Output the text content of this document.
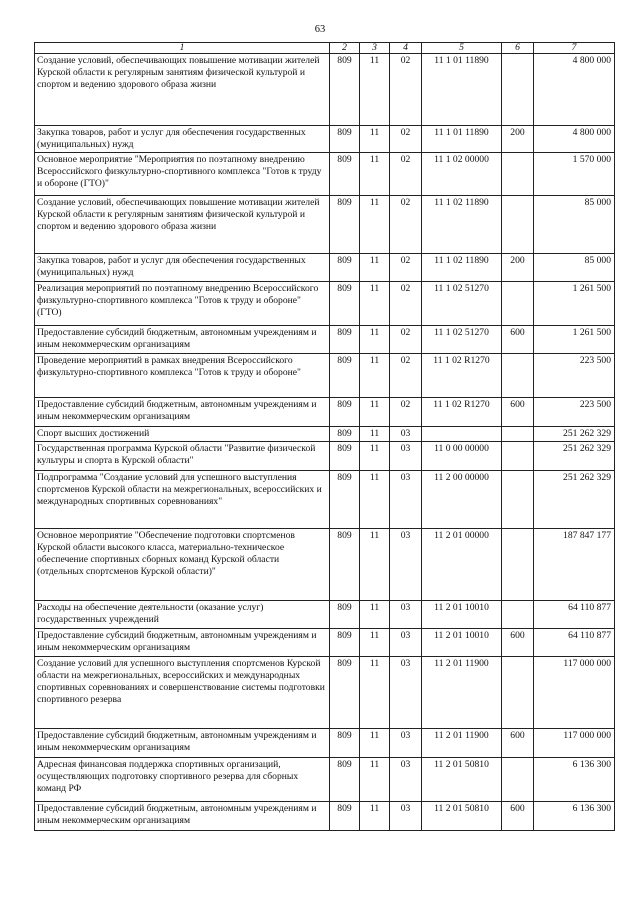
63
1	2	3	4	5	6	7
Создание условий, обеспечивающих повышение мотивации жителей Курской области к регулярным занятиям физической культурой и спортом и ведению здорового образа жизни	809	11	02	11 1 01 11890		4 800 000
Закупка товаров, работ и услуг для обеспечения государственных (муниципальных) нужд	809	11	02	11 1 01 11890	200	4 800 000
Основное мероприятие "Мероприятия по поэтапному внедрению Всероссийского физкультурно-спортивного комплекса "Готов к труду и обороне (ГТО)"	809	11	02	11 1 02 00000		1 570 000
Создание условий, обеспечивающих повышение мотивации жителей Курской области к регулярным занятиям физической культурой и спортом и ведению здорового образа жизни	809	11	02	11 1 02 11890		85 000
Закупка товаров, работ и услуг для обеспечения государственных (муниципальных) нужд	809	11	02	11 1 02 11890	200	85 000
Реализация мероприятий по поэтапному внедрению Всероссийского физкультурно-спортивного комплекса "Готов к труду и обороне" (ГТО)	809	11	02	11 1 02 51270		1 261 500
Предоставление субсидий бюджетным, автономным учреждениям и иным некоммерческим организациям	809	11	02	11 1 02 51270	600	1 261 500
Проведение мероприятий в рамках внедрения Всероссийского физкультурно-спортивного комплекса "Готов к труду и обороне"	809	11	02	11 1 02 R1270		223 500
Предоставление субсидий бюджетным, автономным учреждениям и иным некоммерческим организациям	809	11	02	11 1 02 R1270	600	223 500
Спорт высших достижений	809	11	03			251 262 329
Государственная программа Курской области "Развитие физической культуры и спорта в Курской области"	809	11	03	11 0 00 00000		251 262 329
Подпрограмма "Создание условий для успешного выступления спортсменов Курской области на межрегиональных, всероссийских и международных спортивных соревнованиях"	809	11	03	11 2 00 00000		251 262 329
Основное мероприятие "Обеспечение подготовки спортсменов Курской области высокого класса, материально-техническое обеспечение спортивных сборных команд Курской области (отдельных спортсменов Курской области)"	809	11	03	11 2 01 00000		187 847 177
Расходы на обеспечение деятельности (оказание услуг) государственных учреждений	809	11	03	11 2 01 10010		64 110 877
Предоставление субсидий бюджетным, автономным учреждениям и иным некоммерческим организациям	809	11	03	11 2 01 10010	600	64 110 877
Создание условий для успешного выступления спортсменов Курской области на межрегиональных, всероссийских и международных спортивных соревнованиях и совершенствование системы подготовки спортивного резерва	809	11	03	11 2 01 11900		117 000 000
Предоставление субсидий бюджетным, автономным учреждениям и иным некоммерческим организациям	809	11	03	11 2 01 11900	600	117 000 000
Адресная финансовая поддержка спортивных организаций, осуществляющих подготовку спортивного резерва для сборных команд РФ	809	11	03	11 2 01 50810		6 136 300
Предоставление субсидий бюджетным, автономным учреждениям и иным некоммерческим организациям	809	11	03	11 2 01 50810	600	6 136 300
